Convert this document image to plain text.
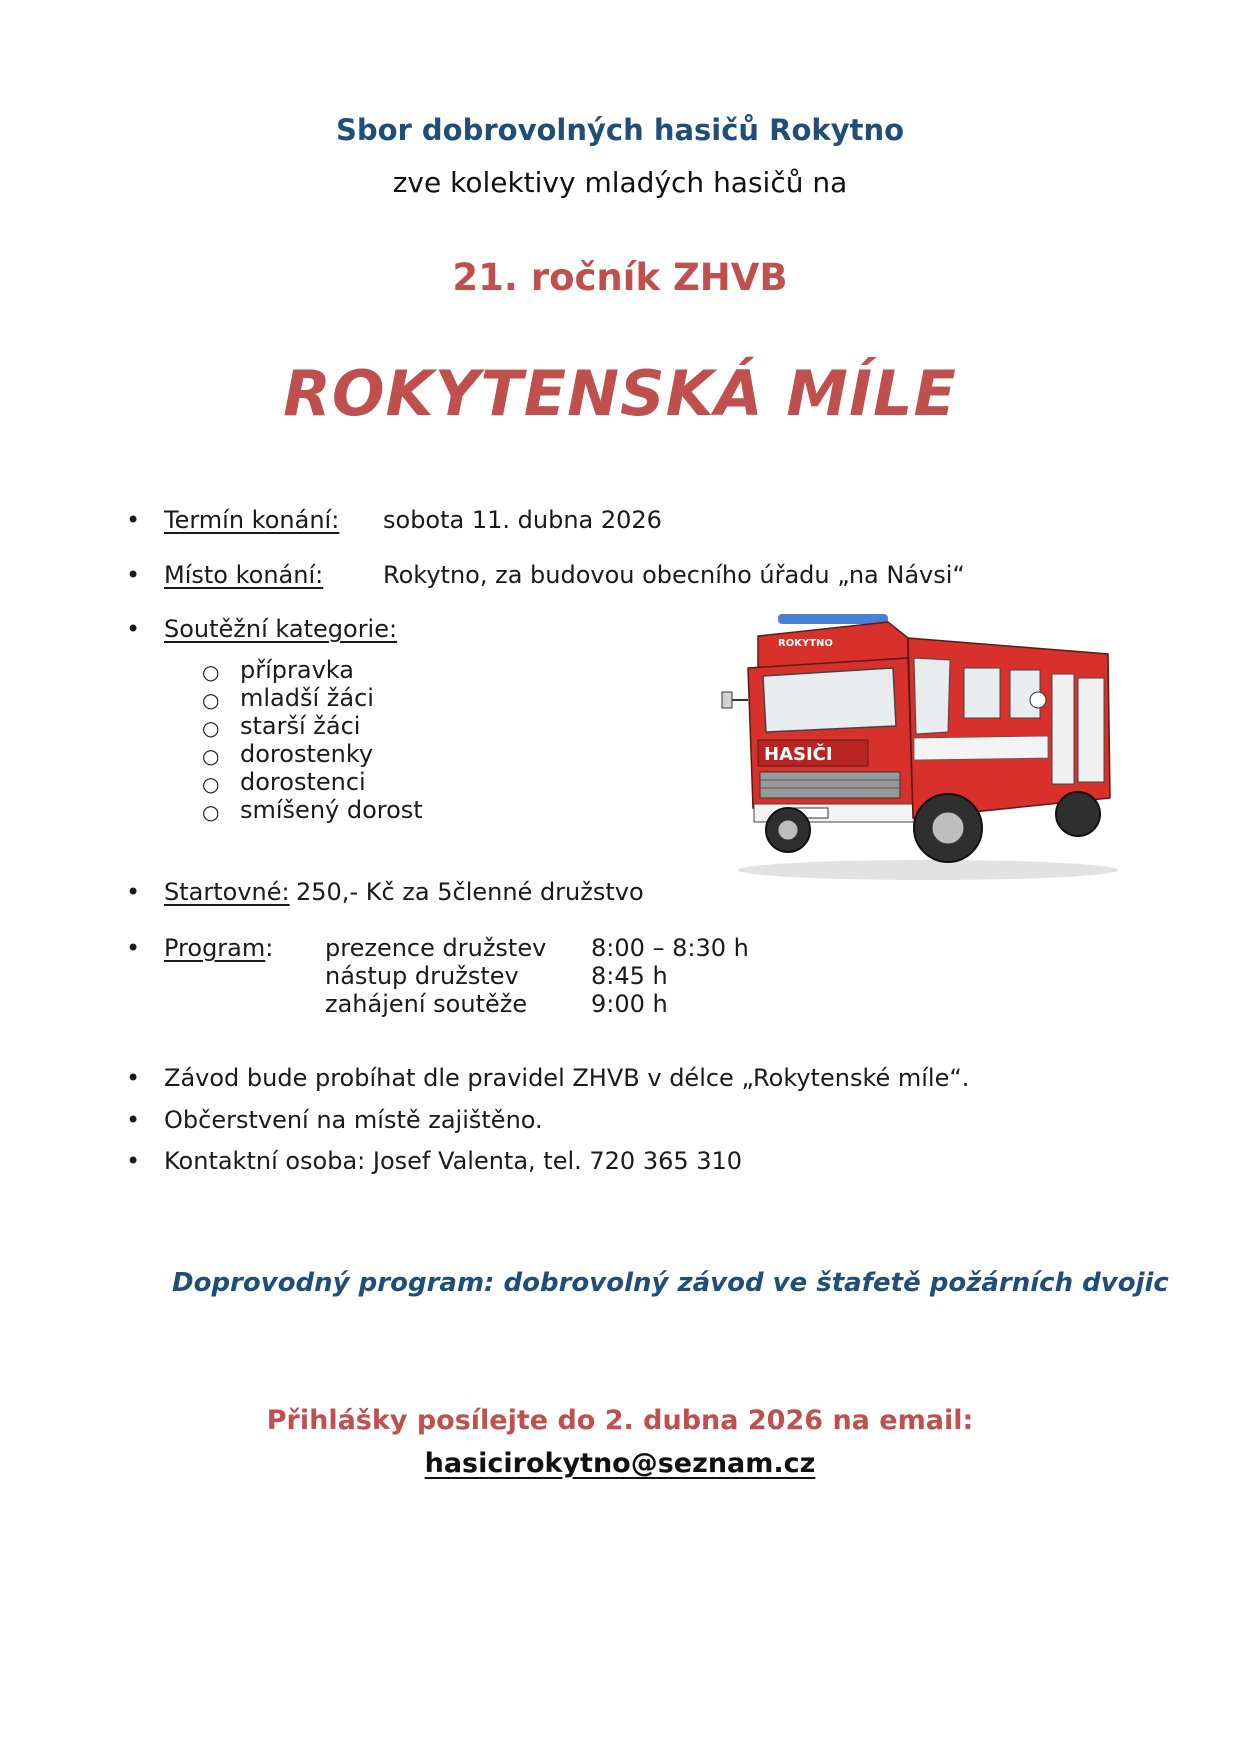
Sbor dobrovolných hasičů Rokytno
zve kolektivy mladých hasičů na
21. ročník ZHVB
ROKYTENSKÁ MÍLE
• Termín konání: sobota 11. dubna 2026
• Místo konání: Rokytno, za budovou obecního úřadu „na Návsi“
• Soutěžní kategorie:
○ přípravka
○ mladší žáci
○ starší žáci
○ dorostenky
○ dorostenci
○ smíšený dorost
ROKYTNO
HASIČI
• Startovné: 250,- Kč za 5členné družstvo
• Program: prezence družstev 8:00 – 8:30 h
nástup družstev	8:45 h
zahájení soutěže	9:00 h
• Závod bude probíhat dle pravidel ZHVB v délce „Rokytenské míle“.
• Občerstvení na místě zajištěno.
• Kontaktní osoba: Josef Valenta, tel. 720 365 310
Doprovodný program: dobrovolný závod ve štafetě požárních dvojic
Přihlášky posílejte do 2. dubna 2026 na email:
hasicirokytno@seznam.cz
